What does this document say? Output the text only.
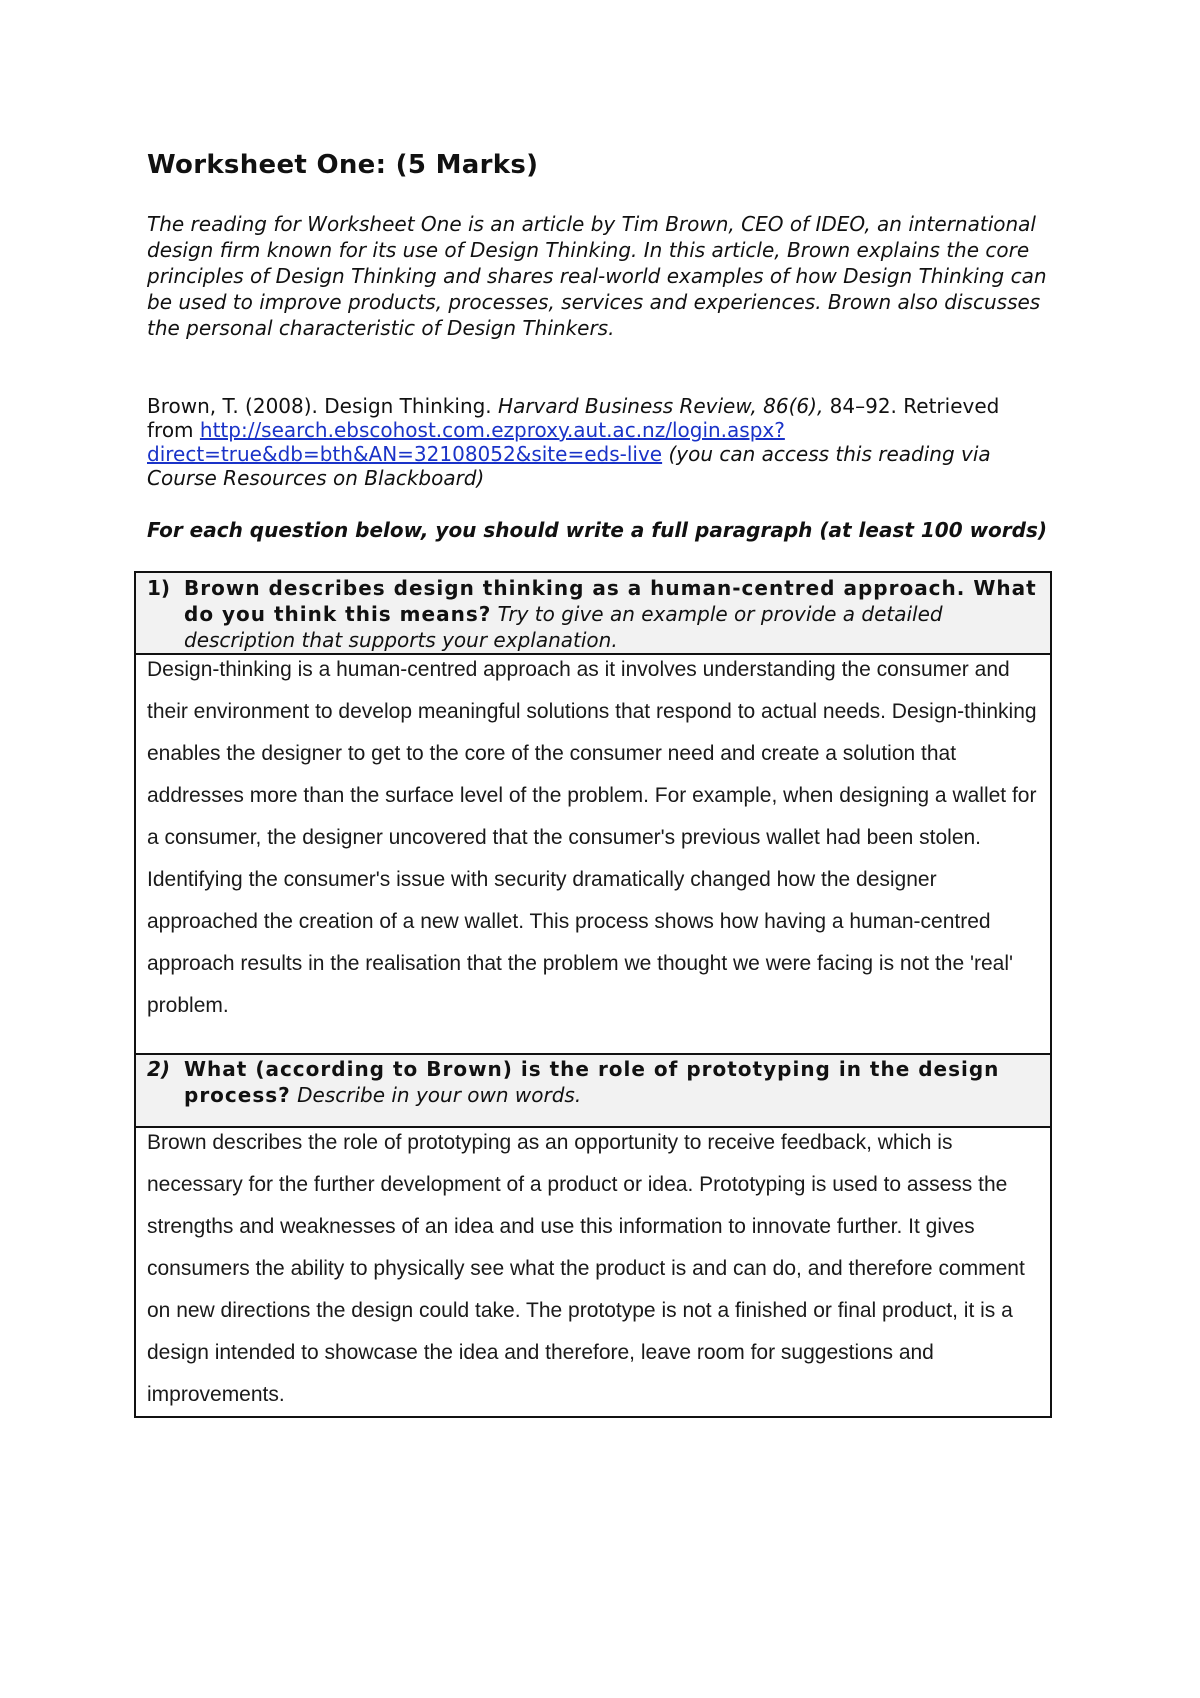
Worksheet One: (5 Marks)

The reading for Worksheet One is an article by Tim Brown, CEO of IDEO, an international design firm known for its use of Design Thinking. In this article, Brown explains the core principles of Design Thinking and shares real-world examples of how Design Thinking can be used to improve products, processes, services and experiences. Brown also discusses the personal characteristic of Design Thinkers.

Brown, T. (2008). Design Thinking. Harvard Business Review, 86(6), 84–92. Retrieved from http://search.ebscohost.com.ezproxy.aut.ac.nz/login.aspx?
direct=true&db=bth&AN=32108052&site=eds-live (you can access this reading via Course Resources on Blackboard)

For each question below, you should write a full paragraph (at least 100 words)

1) Brown describes design thinking as a human-centred approach. What do you think this means? Try to give an example or provide a detailed description that supports your explanation.

Design-thinking is a human-centred approach as it involves understanding the consumer and their environment to develop meaningful solutions that respond to actual needs. Design-thinking enables the designer to get to the core of the consumer need and create a solution that addresses more than the surface level of the problem. For example, when designing a wallet for a consumer, the designer uncovered that the consumer's previous wallet had been stolen. Identifying the consumer's issue with security dramatically changed how the designer approached the creation of a new wallet. This process shows how having a human-centred approach results in the realisation that the problem we thought we were facing is not the 'real' problem.

2) What (according to Brown) is the role of prototyping in the design process? Describe in your own words.

Brown describes the role of prototyping as an opportunity to receive feedback, which is necessary for the further development of a product or idea. Prototyping is used to assess the strengths and weaknesses of an idea and use this information to innovate further. It gives consumers the ability to physically see what the product is and can do, and therefore comment on new directions the design could take. The prototype is not a finished or final product, it is a design intended to showcase the idea and therefore, leave room for suggestions and improvements.
